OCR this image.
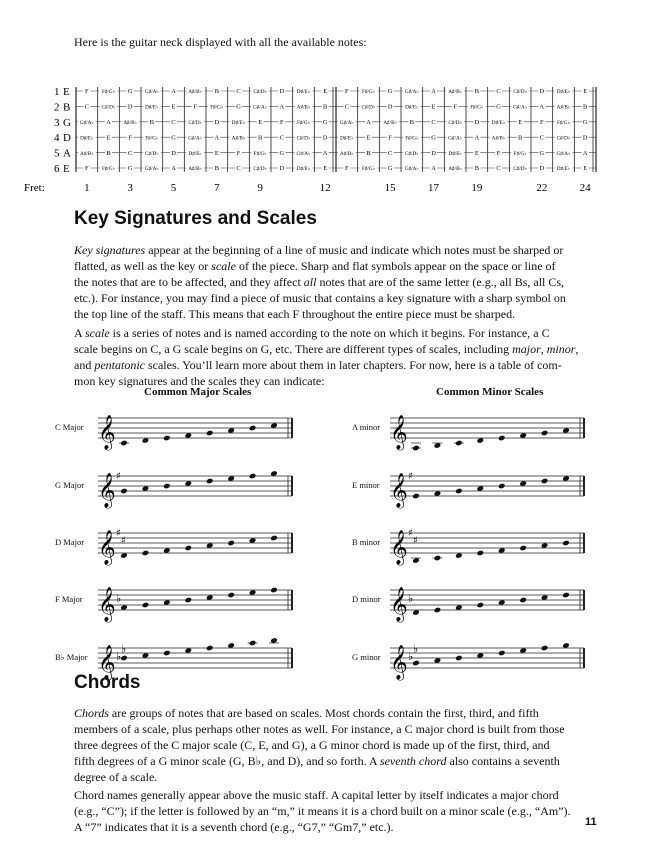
Here is the guitar neck displayed with all the available notes:
1 E F	F♯/G♭ G G♯/A♭ A A♯/B♭ B	C C♯/D♭ D D♯/E♭ E	F	F♯/G♭ G G♯/A♭ A A♯/B♭ B	C C♯/D♭ D D♯/E♭ E
2 B C C♯/D♭ D D♯/E♭ E	F	F♯/G♭ G G♯/A♭ A A♯/B♭ B	C C♯/D♭ D D♯/E♭ E	F	F♯/G♭ G G♯/A♭ A A♯/B♭ B
3 G G♯/A♭ A A♯/B♭ B	C C♯/D♭ D D♯/E♭ E	F	F♯/G♭ G G♯/A♭ A A♯/B♭ B	C C♯/D♭ D D♯/E♭ E	F	F♯/G♭ G
4 D D♯/E♭ E	F	F♯/G♭ G G♯/A♭ A A♯/B♭ B	C C♯/D♭ D D♯/E♭ E	F	F♯/G♭ G G♯/A♭ A A♯/B♭ B	C C♯/D♭ D
5 A A♯/B♭ B	C C♯/D♭ D D♯/E♭ E	F	F♯/G♭ G G♯/A♭ A A♯/B♭ B	C C♯/D♭ D D♯/E♭ E	F	F♯/G♭ G G♯/A♭ A
6 E F	F♯/G♭ G G♯/A♭ A A♯/B♭ B	C C♯/D♭ D D♯/E♭ E	F	F♯/G♭ G G♯/A♭ A A♯/B♭ B	C C♯/D♭ D D♯/E♭ E
Fret:	1	3	5	7	9	12	15	17	19	22	24
Key Signatures and Scales

Key signatures appear at the beginning of a line of music and indicate which notes must be sharped or
flatted, as well as the key or scale of the piece. Sharp and flat symbols appear on the space or line of
the notes that are to be affected, and they affect all notes that are of the same letter (e.g., all Bs, all Cs,
etc.). For instance, you may find a piece of music that contains a key signature with a sharp symbol on
the top line of the staff. This means that each F throughout the entire piece must be sharped.

A scale is a series of notes and is named according to the note on which it begins. For instance, a C
scale begins on C, a G scale begins on G, etc. There are different types of scales, including major, minor,
and pentatonic scales. You’ll learn more about them in later chapters. For now, here is a table of com-
mon key signatures and the scales they can indicate:

Common Major Scales	Common Minor Scales
C Major 𝄞
G Major 𝄞 ♯
D Major 𝄞 ♯
♯
F Major 𝄞 ♭
B♭ Major 𝄞 ♭
♭
A minor 𝄞
E minor 𝄞 ♯
B minor 𝄞 ♯
♯
D minor 𝄞 ♭
G minor 𝄞 ♭
♭
Chords

Chords are groups of notes that are based on scales. Most chords contain the first, third, and fifth
members of a scale, plus perhaps other notes as well. For instance, a C major chord is built from those
three degrees of the C major scale (C, E, and G), a G minor chord is made up of the first, third, and
fifth degrees of a G minor scale (G, B♭, and D), and so forth. A seventh chord also contains a seventh
degree of a scale.

Chord names generally appear above the music staff. A capital letter by itself indicates a major chord
(e.g., “C”); if the letter is followed by an “m,” it means it is a chord built on a minor scale (e.g., “Am”).
A “7” indicates that it is a seventh chord (e.g., “G7,” “Gm7,” etc.).	11
